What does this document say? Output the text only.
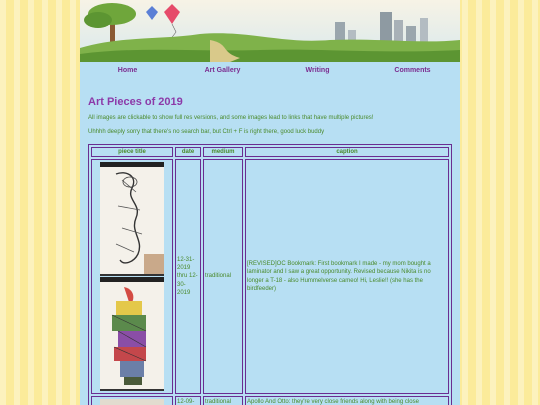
Home	Art Gallery	Writing	Comments
Art Pieces of 2019

All images are clickable to show full res versions, and some images lead to links that have multiple pictures!

Uhhhh deeply sorry that there's no search bar, but Ctrl + F is right there, good luck buddy

piece title	date	medium	caption

	12-31-2019 thru 12-30-2019	traditional	[REVISED]OC Bookmark: First bookmark I made - my mom bought a laminator and I saw a great opportunity. Revised because Nikita is no longer a T-18 - also Hummelverse cameo! Hi, Leslie!! (she has the birdfeeder)

	12-09-	traditional	Apollo And Otto: they're very close friends along with being close
